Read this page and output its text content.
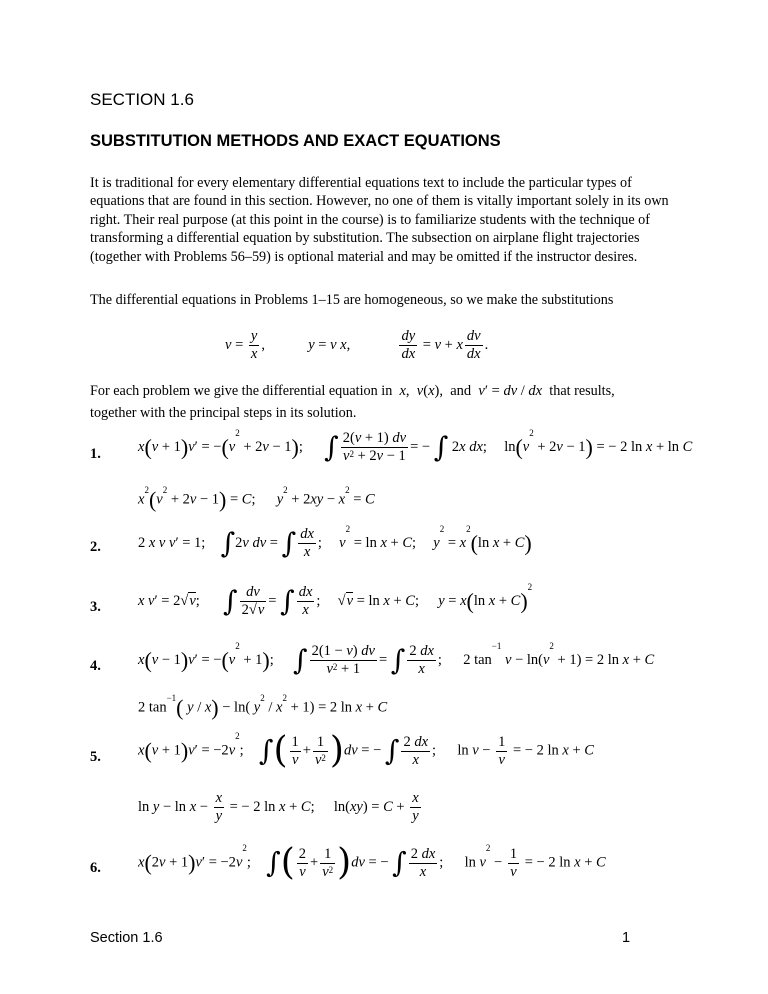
SECTION 1.6
SUBSTITUTION METHODS AND EXACT EQUATIONS
It is traditional for every elementary differential equations text to include the particular types of equations that are found in this section. However, no one of them is vitally important solely in its own right. Their real purpose (at this point in the course) is to familiarize students with the technique of transforming a differential equation by substitution. The subsection on airplane flight trajectories (together with Problems 56–59) is optional material and may be omitted if the instructor desires.
The differential equations in Problems 1–15 are homogeneous, so we make the substitutions
$v = \frac{y}{x}$ ,	y = v x,	$\frac{dy}{dx} = v + x \frac{dv}{dx}$ .
For each problem we give the differential equation in x,  v(x),  and  v′ = dv / dx that results,
together with the principal steps in its solution.
1.	$x(v + 1)v' = -(v^2 + 2v - 1)$;  ∫ $\frac{2(v + 1) dv}{v^2 + 2v - 1}$ = − ∫ 2x dx;  $\ln(v^2 + 2v - 1)$ = − 2 ln x + ln C
$x^2(v^2 + 2v - 1) = C$;  $y^2 + 2xy - x^2 = C$
2.	2 x v v′ = 1;  ∫2v dv = ∫ $\frac{dx}{x}$ ;  $v^2 = \ln x + C$;  $y^2 = x^2(\ln$ x + C)
3.	x v′ = 2√v;  ∫ $\frac{dv}{2√v}$ = ∫ $\frac{dx}{x}$ ;  √v = ln x + C;  y = x(ln x + C)$^2$
4.	$x(v - 1)v' = -(v^2 + 1)$;  ∫ $\frac{2(1 - v) dv}{v^2 + 1}$ = ∫ $\frac{2 dx}{x}$ ;  2 $\tan^{-1} v - \ln(v^2 + 1) = 2$ ln x + C
2 $\tan^{-1}$( y / x) − ln( $y^2 / x^2 + 1) = 2$ ln x + C
5.	$x(v + 1)v' = -2v^2$;  ∫( $\frac{1}{v} + \frac{1}{v^2} )dv$ = − ∫ $\frac{2 dx}{x}$ ;  $\ln v - \frac{1}{v}$ = − 2 ln x + C
$\ln y - \ln x - \frac{x}{y}$ = − 2 ln x + C;  $\ln(xy) = C + \frac{x}{y}$
6.	$x(2v + 1)v' = -2v^2$;  ∫( $\frac{2}{v} + \frac{1}{v^2} )dv$ = − ∫ $\frac{2 dx}{x}$ ;  $\ln v^2 - \frac{1}{v}$ = − 2 ln x + C
Section 1.6	1
